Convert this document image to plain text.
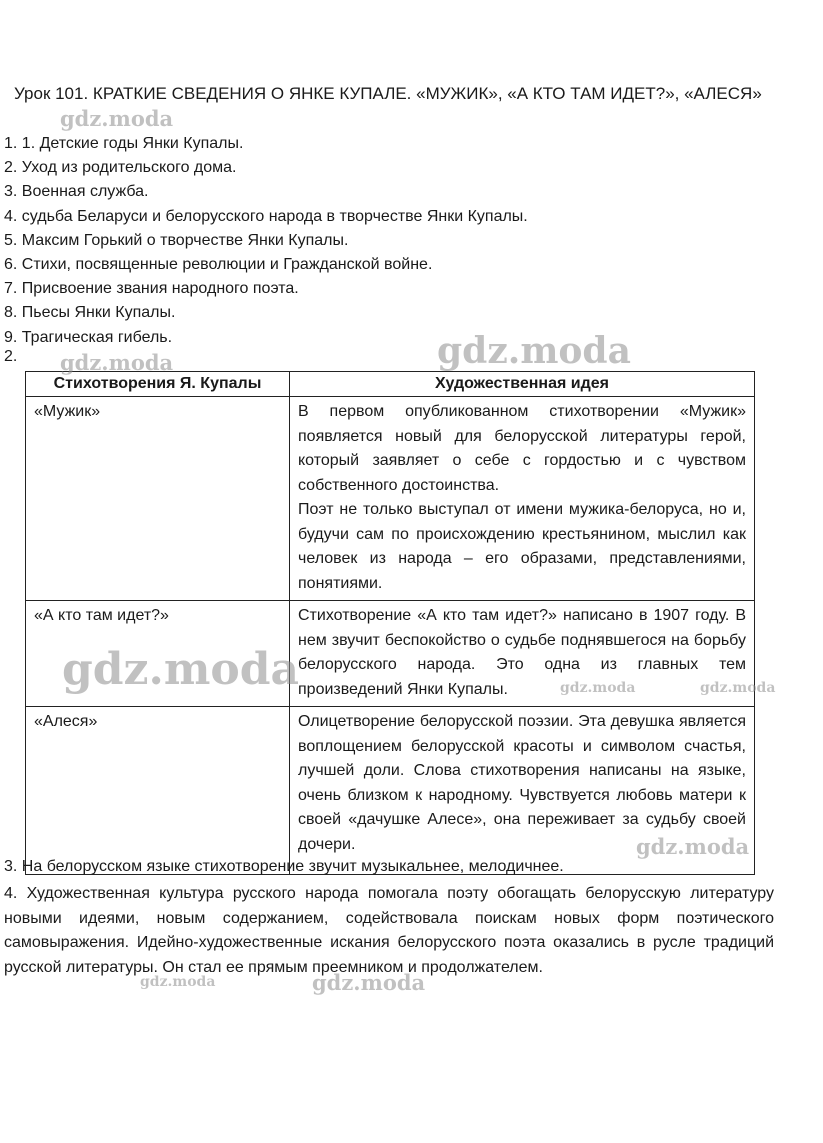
Урок 101. КРАТКИЕ СВЕДЕНИЯ О ЯНКЕ КУПАЛЕ. «МУЖИК», «А КТО ТАМ ИДЕТ?», «АЛЕСЯ»
1. 1. Детские годы Янки Купалы.
2. Уход из родительского дома.
3. Военная служба.
4. судьба Беларуси и белорусского народа в творчестве Янки Купалы.
5. Максим Горький о творчестве Янки Купалы.
6. Стихи, посвященные революции и Гражданской войне.
7. Присвоение звания народного поэта.
8. Пьесы Янки Купалы.
9. Трагическая гибель.
2.
Стихотворения Я. Купалы	Художественная идея
«Мужик»	В первом опубликованном стихотворении «Мужик» появляется новый для белорусской литературы герой, который заявляет о себе с гордостью и с чувством собственного достоинства.

Поэт не только выступал от имени мужика-белоруса, но и, будучи сам по происхождению крестьянином, мыслил как человек из народа – его образами, представлениями, понятиями.

«А кто там идет?»	Стихотворение «А кто там идет?» написано в 1907 году. В нем звучит беспокойство о судьбе поднявшегося на борьбу белорусского народа. Это одна из главных тем произведений Янки Купалы.

«Алеся»	Олицетворение белорусской поэзии. Эта девушка является воплощением белорусской красоты и символом счастья, лучшей доли. Слова стихотворения написаны на языке, очень близком к народному. Чувствуется любовь матери к своей «дачушке Алесе», она переживает за судьбу своей дочери.

3. На белорусском языке стихотворение звучит музыкальнее, мелодичнее.
4. Художественная культура русского народа помогала поэту обогащать белорусскую литературу новыми идеями, новым содержанием, содействовала поискам новых форм поэтического самовыражения. Идейно-художественные искания белорусского поэта оказались в русле традиций русской литературы. Он стал ее прямым преемником и продолжателем.
gdz.moda
gdz.moda	gdz.moda
gdz.moda	gdz.moda	gdz.moda
gdz.moda
gdz.moda	gdz.moda
